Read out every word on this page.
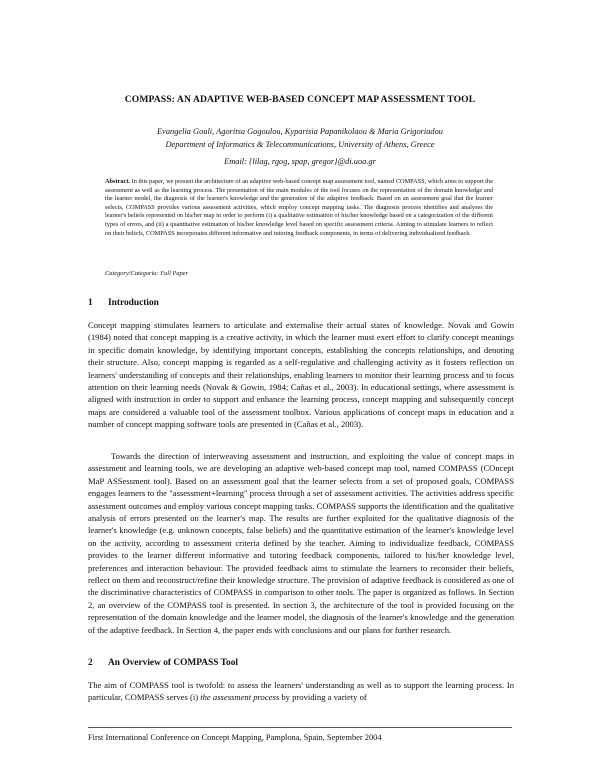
COMPASS: AN ADAPTIVE WEB-BASED CONCEPT MAP ASSESSMENT TOOL
Evangelia Gouli, Agoritsa Gogoulou, Kyparisia Papanikolaou & Maria Grigoriadou
Department of Informatics & Telecommunications, University of Athens, Greece
Email: {lilag, rgog, spap, gregor}@di.uoa.gr
Abstract. In this paper, we present the architecture of an adaptive web-based concept map assessment tool, named COMPASS, which aims to support the assessment as well as the learning process. The presentation of the main modules of the tool focuses on the representation of the domain knowledge and the learner model, the diagnosis of the learner's knowledge and the generation of the adaptive feedback. Based on an assessment goal that the learner selects, COMPASS provides various assessment activities, which employ concept mapping tasks. The diagnosis process identifies and analyses the learner's beliefs represented on his/her map in order to perform (i) a qualitative estimation of his/her knowledge based on a categorization of the different types of errors, and (ii) a quantitative estimation of his/her knowledge level based on specific assessment criteria. Aiming to stimulate learners to reflect on their beliefs, COMPASS incorporates different informative and tutoring feedback components, in terms of delivering individualized feedback.
Category/Categoria: Full Paper
1 Introduction
Concept mapping stimulates learners to articulate and externalise their actual states of knowledge. Novak and Gowin (1984) noted that concept mapping is a creative activity, in which the learner must exert effort to clarify concept meanings in specific domain knowledge, by identifying important concepts, establishing the concepts relationships, and denoting their structure. Also, concept mapping is regarded as a self-regulative and challenging activity as it fosters reflection on learners' understanding of concepts and their relationships, enabling learners to monitor their learning process and to focus attention on their learning needs (Novak & Gowin, 1984; Cañas et al., 2003). In educational settings, where assessment is aligned with instruction in order to support and enhance the learning process, concept mapping and subsequently concept maps are considered a valuable tool of the assessment toolbox. Various applications of concept maps in education and a number of concept mapping software tools are presented in (Cañas et al., 2003).
Towards the direction of interweaving assessment and instruction, and exploiting the value of concept maps in assessment and learning tools, we are developing an adaptive web-based concept map tool, named COMPASS (COncept MaP ASSessment tool). Based on an assessment goal that the learner selects from a set of proposed goals, COMPASS engages learners to the "assessment+learning" process through a set of assessment activities. The activities address specific assessment outcomes and employ various concept mapping tasks. COMPASS supports the identification and the qualitative analysis of errors presented on the learner's map. The results are further exploited for the qualitative diagnosis of the learner's knowledge (e.g. unknown concepts, false beliefs) and the quantitative estimation of the learner's knowledge level on the activity, according to assessment criteria defined by the teacher. Aiming to individualize feedback, COMPASS provides to the learner different informative and tutoring feedback components, tailored to his/her knowledge level, preferences and interaction behaviour. The provided feedback aims to stimulate the learners to reconsider their beliefs, reflect on them and reconstruct/refine their knowledge structure. The provision of adaptive feedback is considered as one of the discriminative characteristics of COMPASS in comparison to other tools. The paper is organized as follows. In Section 2, an overview of the COMPASS tool is presented. In section 3, the architecture of the tool is provided focusing on the representation of the domain knowledge and the learner model, the diagnosis of the learner's knowledge and the generation of the adaptive feedback. In Section 4, the paper ends with conclusions and our plans for further research.
2 An Overview of COMPASS Tool
The aim of COMPASS tool is twofold: to assess the learners' understanding as well as to support the learning process. In particular, COMPASS serves (i) the assessment process by providing a variety of
First International Conference on Concept Mapping, Pamplona, Spain, September 2004
